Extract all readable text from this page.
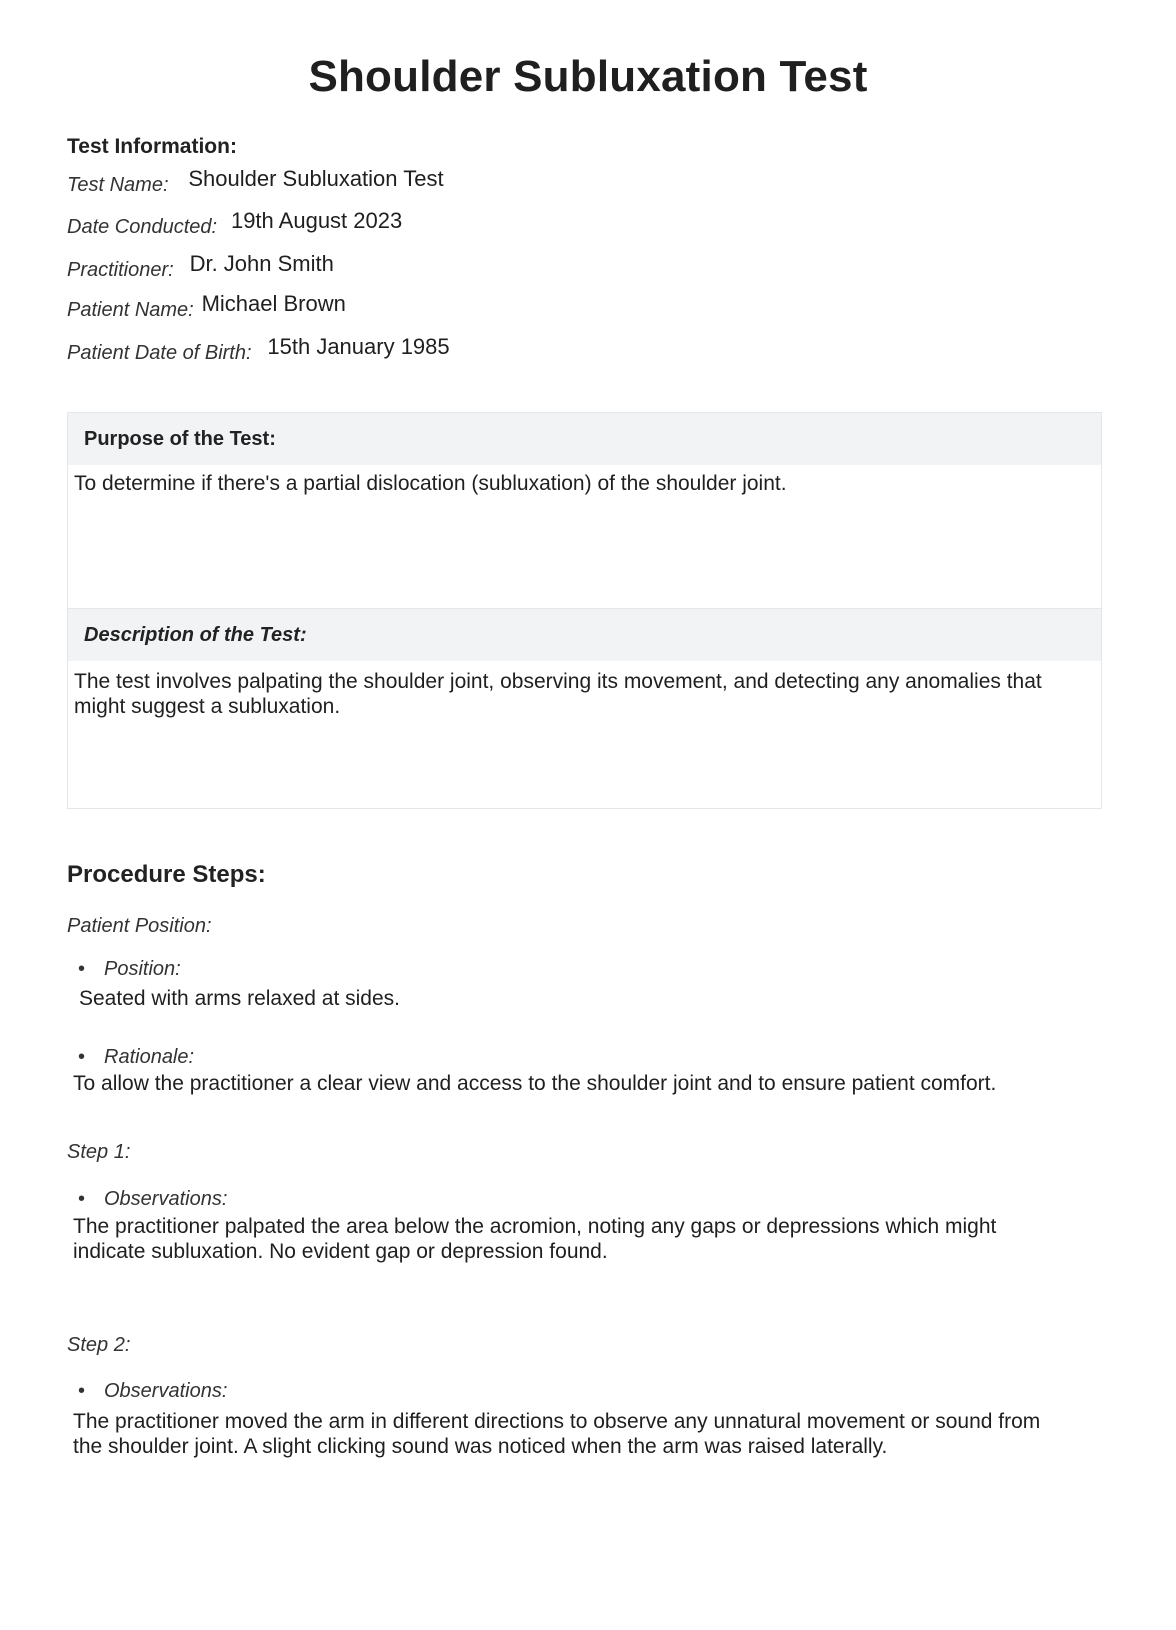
Shoulder Subluxation Test
Test Information:
Test Name: Shoulder Subluxation Test
Date Conducted: 19th August 2023
Practitioner: Dr. John Smith
Patient Name: Michael Brown
Patient Date of Birth: 15th January 1985
Purpose of the Test:
To determine if there's a partial dislocation (subluxation) of the shoulder joint.
Description of the Test:
The test involves palpating the shoulder joint, observing its movement, and detecting any anomalies that might suggest a subluxation.
Procedure Steps:
Patient Position:
• Position:
Seated with arms relaxed at sides.
• Rationale:
To allow the practitioner a clear view and access to the shoulder joint and to ensure patient comfort.
Step 1:
• Observations:
The practitioner palpated the area below the acromion, noting any gaps or depressions which might indicate subluxation. No evident gap or depression found.
Step 2:
• Observations:
The practitioner moved the arm in different directions to observe any unnatural movement or sound from the shoulder joint. A slight clicking sound was noticed when the arm was raised laterally.
